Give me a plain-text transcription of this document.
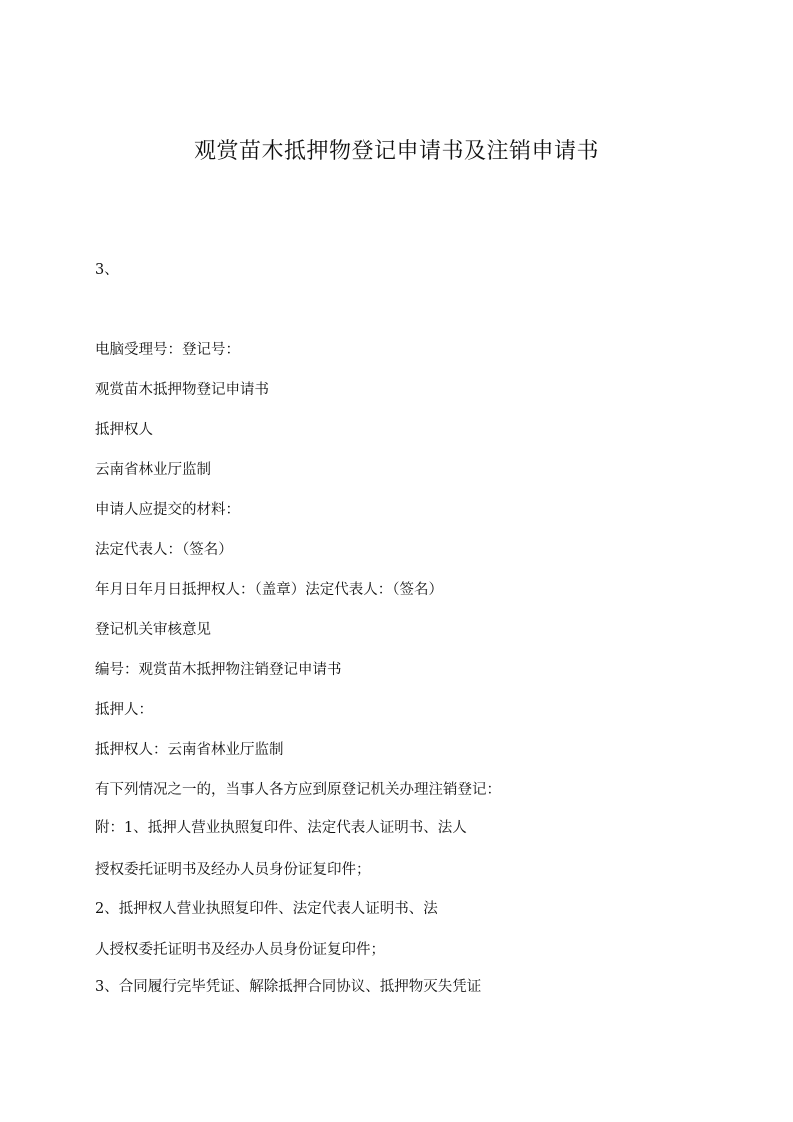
观赏苗木抵押物登记申请书及注销申请书

3、

电脑受理号：登记号：

观赏苗木抵押物登记申请书

抵押权人

云南省林业厅监制

申请人应提交的材料：

法定代表人：（签名）

年月日年月日抵押权人：（盖章）法定代表人：（签名）

登记机关审核意见

编号：观赏苗木抵押物注销登记申请书

抵押人：

抵押权人：云南省林业厅监制

有下列情况之一的，当事人各方应到原登记机关办理注销登记：

附：1、抵押人营业执照复印件、法定代表人证明书、法人

授权委托证明书及经办人员身份证复印件；

2、抵押权人营业执照复印件、法定代表人证明书、法

人授权委托证明书及经办人员身份证复印件；

3、合同履行完毕凭证、解除抵押合同协议、抵押物灭失凭证
